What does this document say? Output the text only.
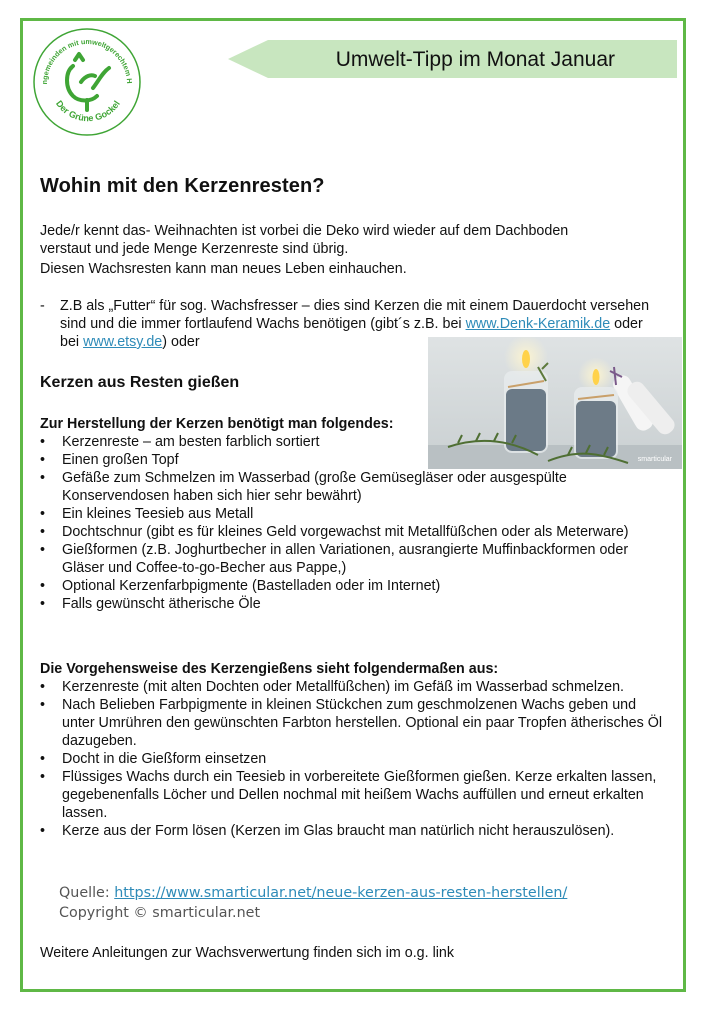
ngemeinden mit umweltgerechtem H
Der Grüne Gockel
Umwelt-Tipp im Monat Januar
Wohin mit den Kerzenresten?

Jede/r kennt das- Weihnachten ist vorbei die Deko wird wieder auf dem Dachboden

verstaut und jede Menge Kerzenreste sind übrig.

Diesen Wachsresten kann man neues Leben einhauchen.

- Z.B als „Futter“ für sog. Wachsfresser – dies sind Kerzen die mit einem Dauerdocht versehen sind und die immer fortlaufend Wachs benötigen (gibt´s z.B. bei www.Denk-Keramik.de oder bei www.etsy.de) oder
smarticular
Kerzen aus Resten gießen
Zur Herstellung der Kerzen benötigt man folgendes:
• Kerzenreste – am besten farblich sortiert
• Einen großen Topf
• Gefäße zum Schmelzen im Wasserbad (große Gemüsegläser oder ausgespülte Konservendosen haben sich hier sehr bewährt)
• Ein kleines Teesieb aus Metall
• Dochtschnur (gibt es für kleines Geld vorgewachst mit Metallfüßchen oder als Meterware)
• Gießformen (z.B. Joghurtbecher in allen Variationen, ausrangierte Muffinbackformen oder Gläser und Coffee-to-go-Becher aus Pappe,)
• Optional Kerzenfarbpigmente (Bastelladen oder im Internet)
• Falls gewünscht ätherische Öle
Die Vorgehensweise des Kerzengießens sieht folgendermaßen aus:
• Kerzenreste (mit alten Dochten oder Metallfüßchen) im Gefäß im Wasserbad schmelzen.
• Nach Belieben Farbpigmente in kleinen Stückchen zum geschmolzenen Wachs geben und unter Umrühren den gewünschten Farbton herstellen. Optional ein paar Tropfen ätherisches Öl dazugeben.
• Docht in die Gießform einsetzen
• Flüssiges Wachs durch ein Teesieb in vorbereitete Gießformen gießen. Kerze erkalten lassen, gegebenenfalls Löcher und Dellen nochmal mit heißem Wachs auffüllen und erneut erkalten lassen.
• Kerze aus der Form lösen (Kerzen im Glas braucht man natürlich nicht herauszulösen).
Quelle: https://www.smarticular.net/neue-kerzen-aus-resten-herstellen/
Copyright © smarticular.net
Weitere Anleitungen zur Wachsverwertung finden sich im o.g. link
